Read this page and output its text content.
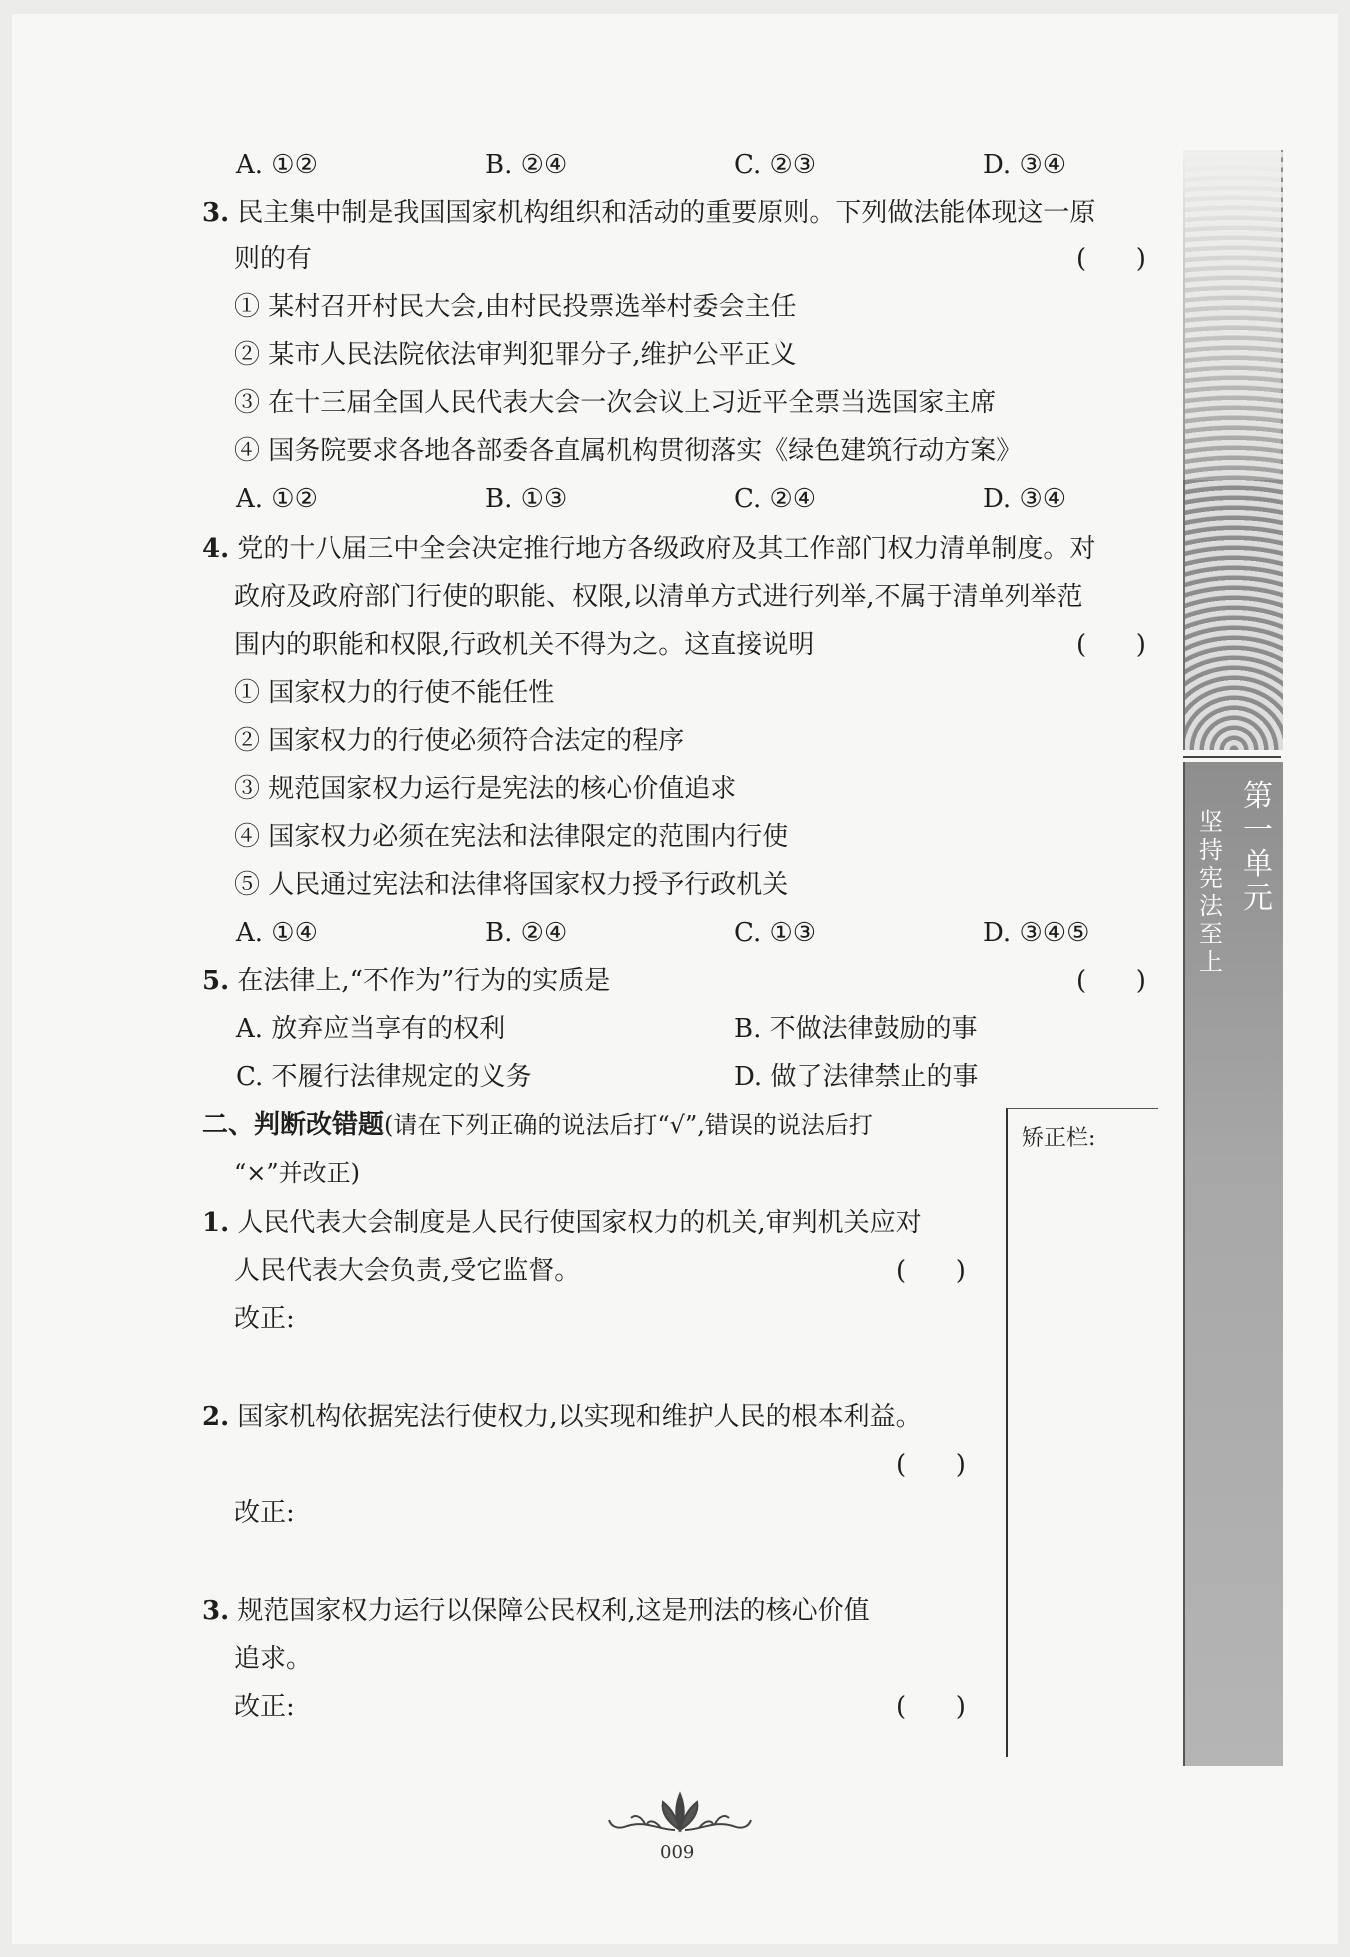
A. ①②	B. ②④	C. ②③	D. ③④
3. 民主集中制是我国国家机构组织和活动的重要原则。下列做法能体现这一原
则的有	(      )
① 某村召开村民大会,由村民投票选举村委会主任
② 某市人民法院依法审判犯罪分子,维护公平正义
③ 在十三届全国人民代表大会一次会议上习近平全票当选国家主席
④ 国务院要求各地各部委各直属机构贯彻落实《绿色建筑行动方案》
A. ①②	B. ①③	C. ②④	D. ③④
4. 党的十八届三中全会决定推行地方各级政府及其工作部门权力清单制度。对
政府及政府部门行使的职能、权限,以清单方式进行列举,不属于清单列举范
围内的职能和权限,行政机关不得为之。这直接说明	(      )
① 国家权力的行使不能任性
② 国家权力的行使必须符合法定的程序
③ 规范国家权力运行是宪法的核心价值追求
④ 国家权力必须在宪法和法律限定的范围内行使
⑤ 人民通过宪法和法律将国家权力授予行政机关
A. ①④	B. ②④	C. ①③	D. ③④⑤
5. 在法律上,“不作为”行为的实质是	(      )
A. 放弃应当享有的权利	B. 不做法律鼓励的事
C. 不履行法律规定的义务	D. 做了法律禁止的事
二、判断改错题(请在下列正确的说法后打“√”,错误的说法后打
“×”并改正)
矫正栏:
1. 人民代表大会制度是人民行使国家权力的机关,审判机关应对
人民代表大会负责,受它监督。	(      )
改正:
2. 国家机构依据宪法行使权力,以实现和维护人民的根本利益。
(      )
改正:
3. 规范国家权力运行以保障公民权利,这是刑法的核心价值
追求。
改正:	(      )
第一单元
坚持宪法至上
009
